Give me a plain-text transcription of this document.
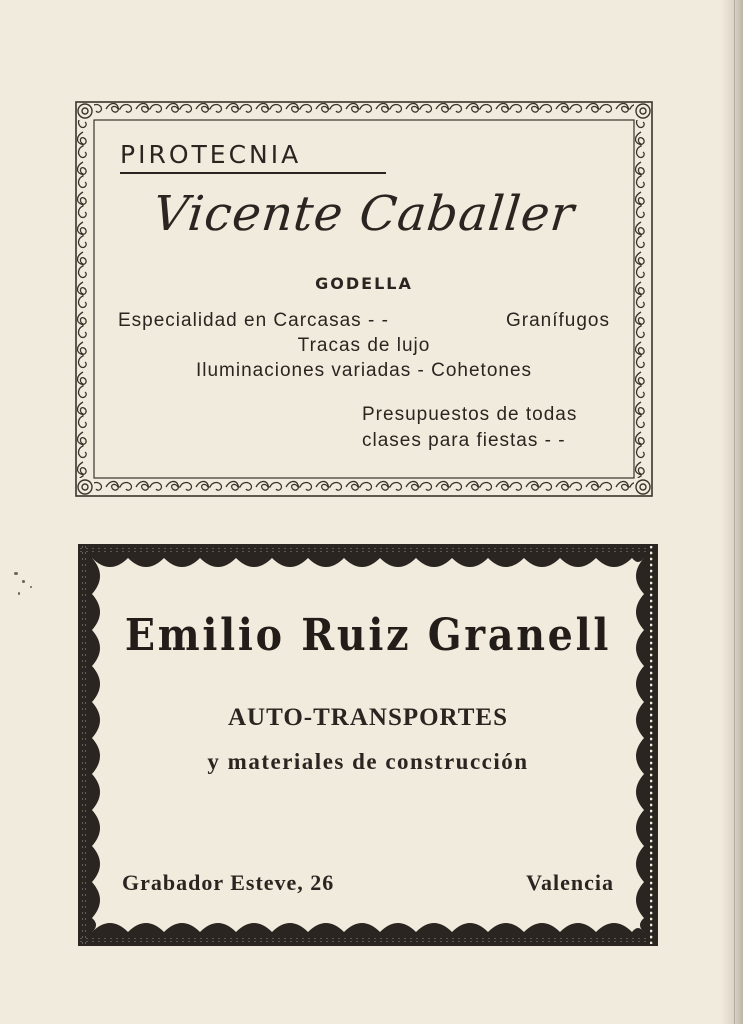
PIROTECNIA
Vicente Caballer
GODELLA
Especialidad en Carcasas - -	Granífugos
Tracas de lujo
Iluminaciones variadas - Cohetones
Presupuestos de todas
clases para fiestas - -
Emilio Ruiz Granell
AUTO-TRANSPORTES
y materiales de construcción
Grabador Esteve, 26	Valencia
